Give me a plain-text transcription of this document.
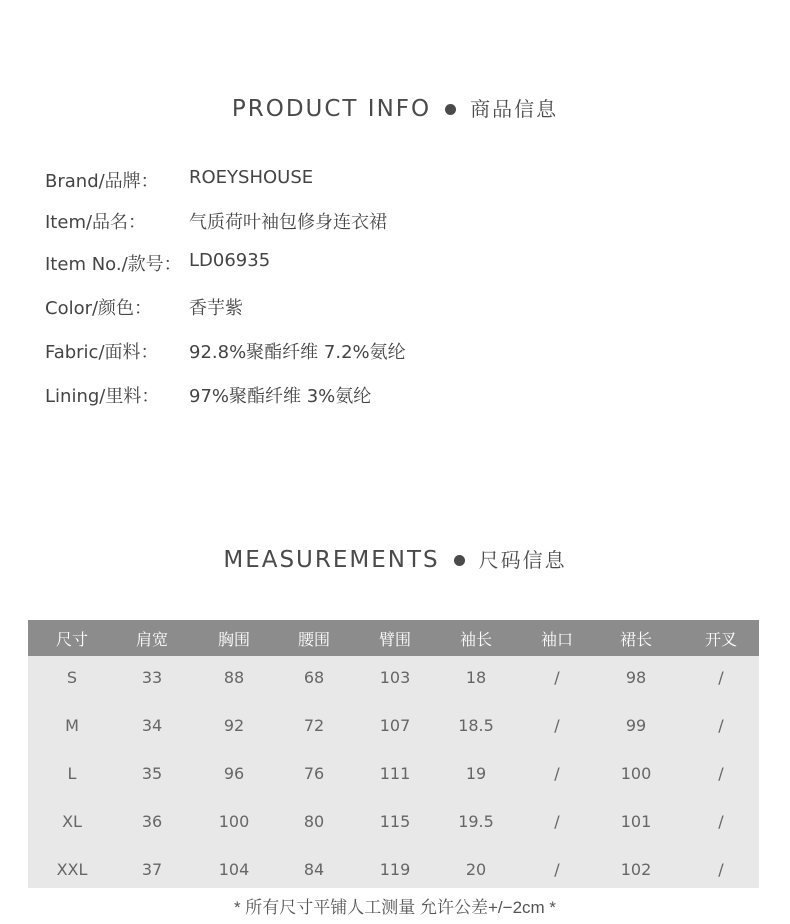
PRODUCT INFO 商品信息
Brand/品牌： ROEYSHOUSE
Item/品名： 气质荷叶袖包修身连衣裙
Item No./款号： LD06935
Color/颜色： 香芋紫
Fabric/面料： 92.8%聚酯纤维 7.2%氨纶
Lining/里料： 97%聚酯纤维 3%氨纶
MEASUREMENTS 尺码信息
尺寸	肩宽	胸围	腰围	臂围	袖长	袖口	裙长	开叉
S	33	88	68	103	18	/	98	/
M	34	92	72	107	18.5	/	99	/
L	35	96	76	111	19	/	100	/
XL	36	100	80	115	19.5	/	101	/
XXL	37	104	84	119	20	/	102	/
* 所有尺寸平铺人工测量 允许公差+/−2cm *
